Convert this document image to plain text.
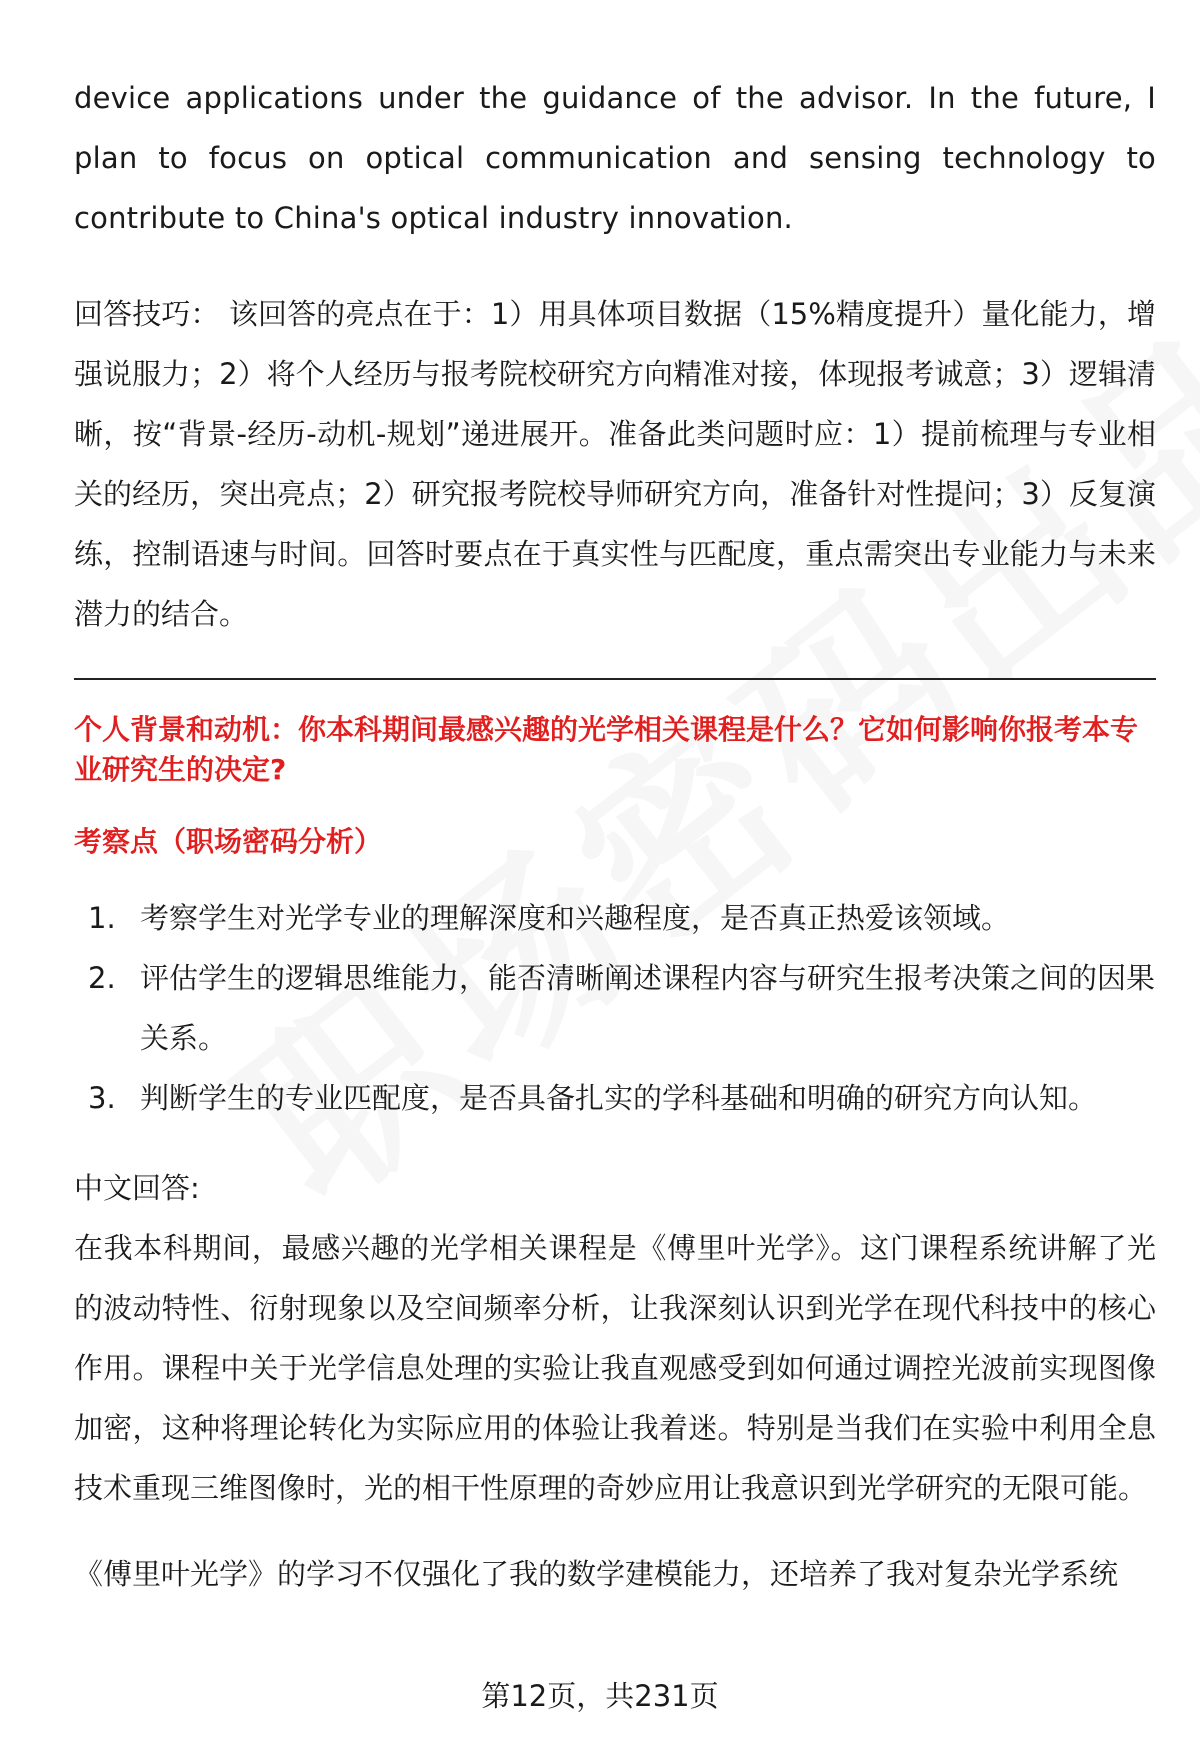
device applications under the guidance of the advisor. In the future, I plan to focus on optical communication and sensing technology to contribute to China's optical industry innovation.

回答技巧： 该回答的亮点在于：1）用具体项目数据（15%精度提升）量化能力，增强说服力；2）将个人经历与报考院校研究方向精准对接，体现报考诚意；3）逻辑清晰，按“背景-经历-动机-规划”递进展开。准备此类问题时应：1）提前梳理与专业相关的经历，突出亮点；2）研究报考院校导师研究方向，准备针对性提问；3）反复演练，控制语速与时间。回答时要点在于真实性与匹配度，重点需突出专业能力与未来潜力的结合。

个人背景和动机：你本科期间最感兴趣的光学相关课程是什么？它如何影响你报考本专业研究生的决定?

考察点（职场密码分析）

1. 考察学生对光学专业的理解深度和兴趣程度，是否真正热爱该领域。
2. 评估学生的逻辑思维能力，能否清晰阐述课程内容与研究生报考决策之间的因果关系。
3. 判断学生的专业匹配度，是否具备扎实的学科基础和明确的研究方向认知。

中文回答:

在我本科期间，最感兴趣的光学相关课程是《傅里叶光学》。这门课程系统讲解了光的波动特性、衍射现象以及空间频率分析，让我深刻认识到光学在现代科技中的核心作用。课程中关于光学信息处理的实验让我直观感受到如何通过调控光波前实现图像加密，这种将理论转化为实际应用的体验让我着迷。特别是当我们在实验中利用全息技术重现三维图像时，光的相干性原理的奇妙应用让我意识到光学研究的无限可能。

《傅里叶光学》的学习不仅强化了我的数学建模能力，还培养了我对复杂光学系统

第12页，共231页
